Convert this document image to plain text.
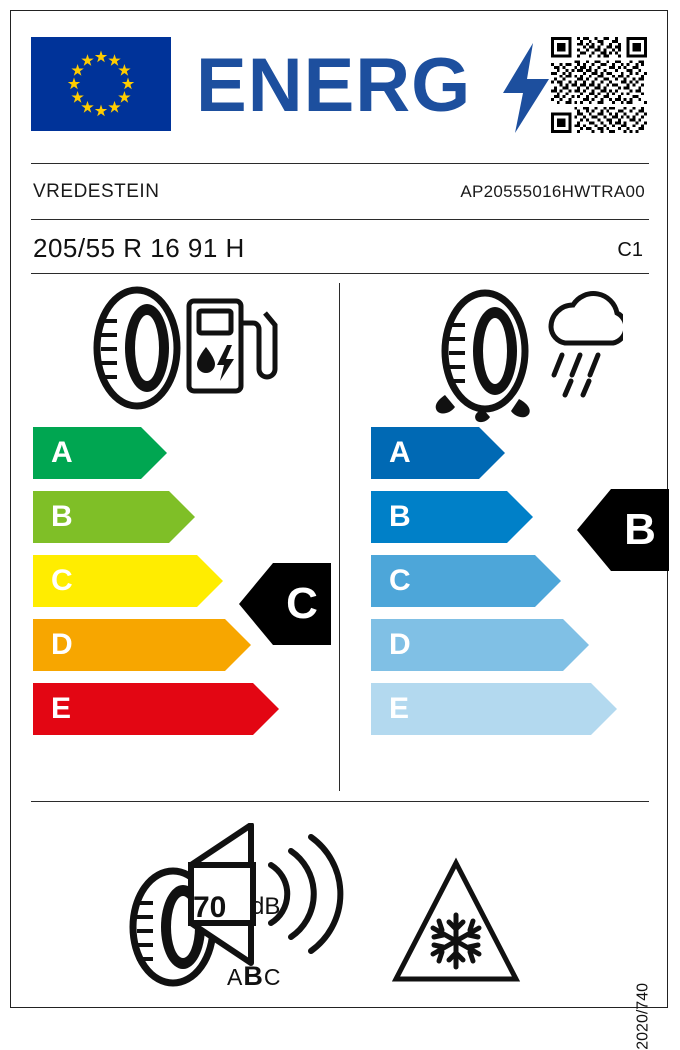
ENERG
VREDESTEIN	AP20555016HWTRA00
205/55 R 16 91 H	C1
A
B
C
D
E
C
A
B
C
D
E
B
70 dB
ABC
2020/740
